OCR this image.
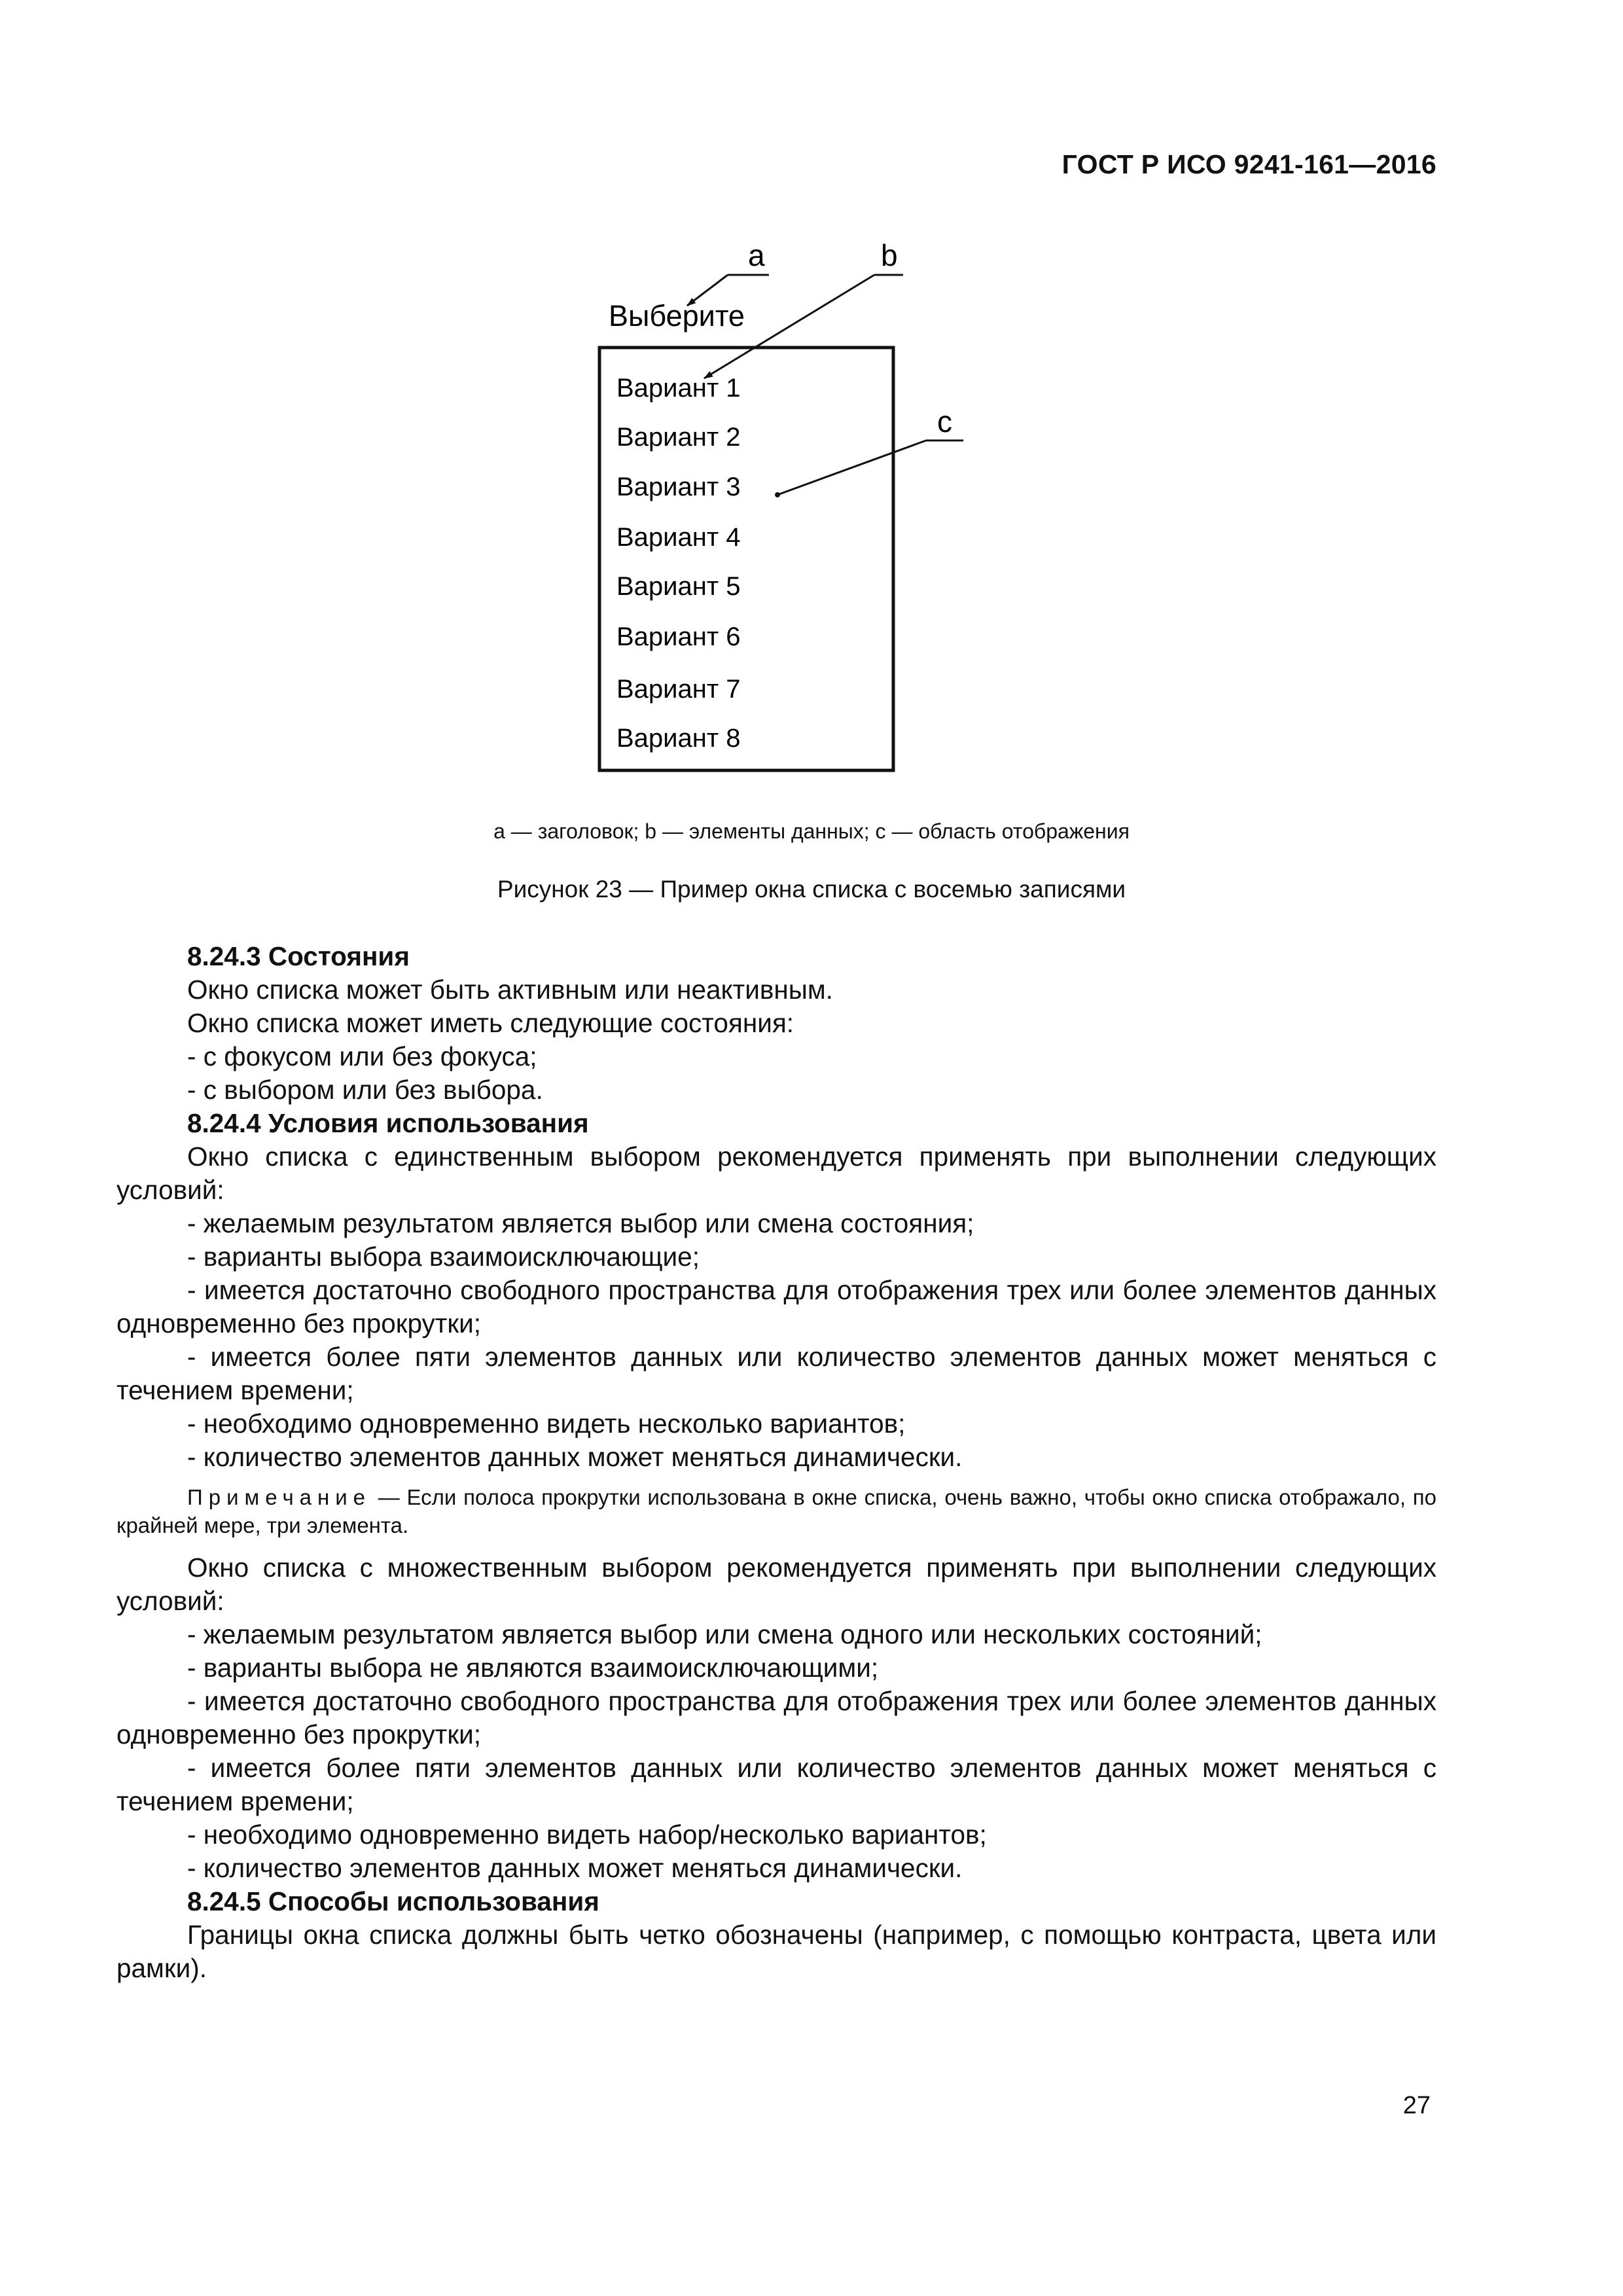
ГОСТ Р ИСО 9241-161—2016
Выберите
Вариант 1
Вариант 2
Вариант 3
Вариант 4
Вариант 5
Вариант 6
Вариант 7
Вариант 8
a	b
c
a — заголовок; b — элементы данных; c — область отображения
Рисунок 23 — Пример окна списка с восемью записями

8.24.3 Состояния

Окно списка может быть активным или неактивным.

Окно списка может иметь следующие состояния:

- с фокусом или без фокуса;

- с выбором или без выбора.

8.24.4 Условия использования

Окно списка с единственным выбором рекомендуется применять при выполнении следующих условий:

- желаемым результатом является выбор или смена состояния;

- варианты выбора взаимоисключающие;

- имеется достаточно свободного пространства для отображения трех или более элементов данных одновременно без прокрутки;

- имеется более пяти элементов данных или количество элементов данных может меняться с течением времени;

- необходимо одновременно видеть несколько вариантов;

- количество элементов данных может меняться динамически.

Примечание — Если полоса прокрутки использована в окне списка, очень важно, чтобы окно списка отображало, по крайней мере, три элемента.

Окно списка с множественным выбором рекомендуется применять при выполнении следующих условий:

- желаемым результатом является выбор или смена одного или нескольких состояний;

- варианты выбора не являются взаимоисключающими;

- имеется достаточно свободного пространства для отображения трех или более элементов данных одновременно без прокрутки;

- имеется более пяти элементов данных или количество элементов данных может меняться с течением времени;

- необходимо одновременно видеть набор/несколько вариантов;

- количество элементов данных может меняться динамически.

8.24.5 Способы использования

Границы окна списка должны быть четко обозначены (например, с помощью контраста, цвета или рамки).

27
